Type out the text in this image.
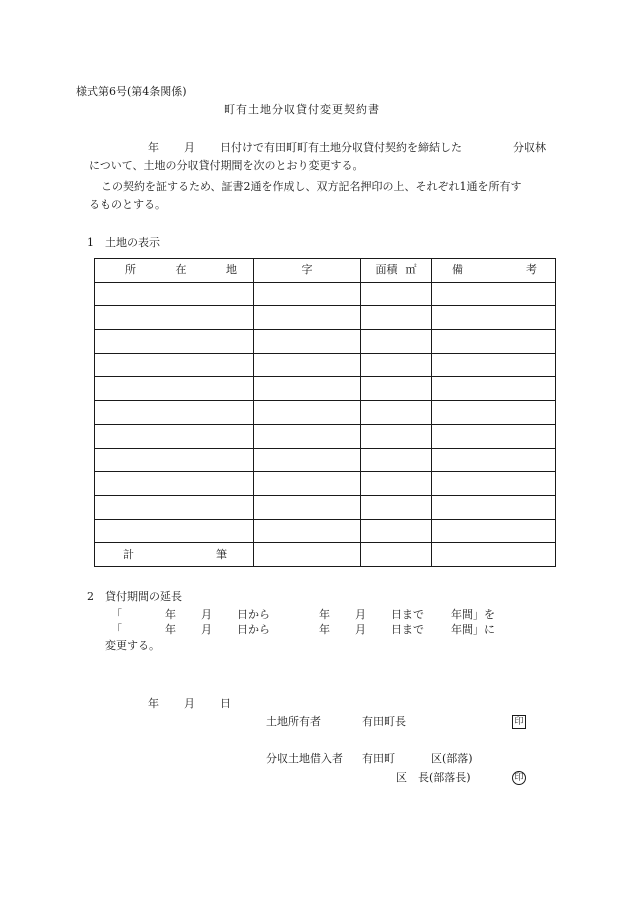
様式第6号(第4条関係)
町有土地分収貸付変更契約書
年 月 日付けで有田町町有土地分収貸付契約を締結した	分収林
について、土地の分収貸付期間を次のとおり変更する。
この契約を証するため、証書2通を作成し、双方記名押印の上、それぞれ1通を所有す
るものとする。
1　土地の表示
所 在 地	字	面積 ㎡	備 考

計 筆			

2　貸付期間の延長
「	年 月 日から	年 月 日まで 年間」を
「	年 月 日から	年 月 日まで 年間」に
変更する。
年 月 日
土地所有者	有田町長	印
分収土地借入者 有田町	区(部落)
区　長(部落長)	印
